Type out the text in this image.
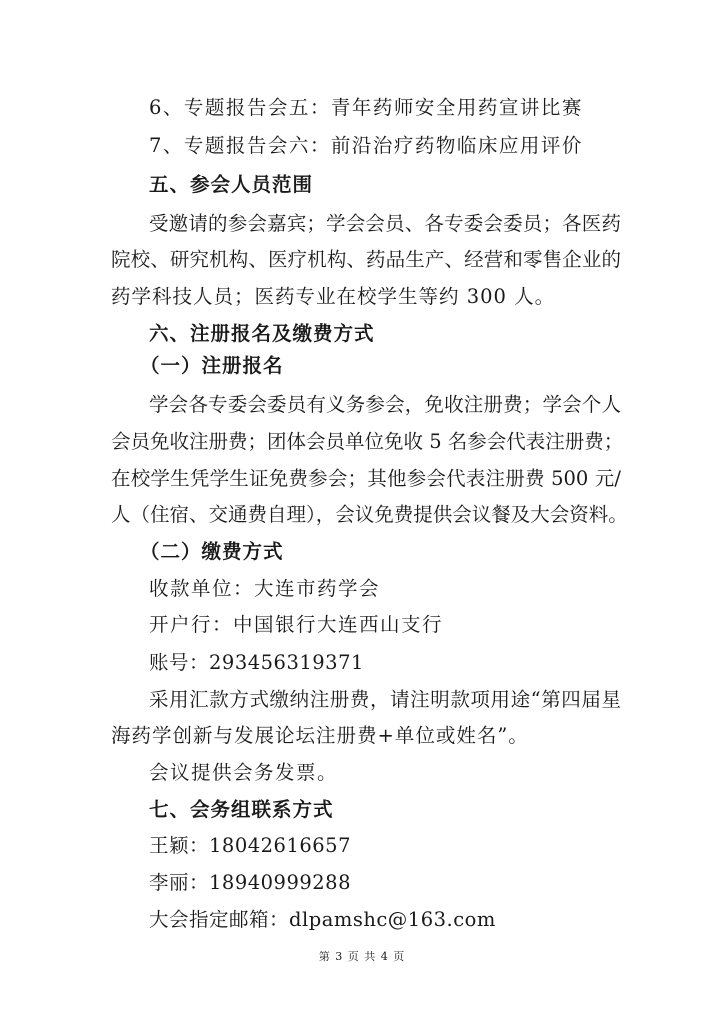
6、专题报告会五：青年药师安全用药宣讲比赛
7、专题报告会六：前沿治疗药物临床应用评价
五、参会人员范围
受邀请的参会嘉宾；学会会员、各专委会委员；各医药
院校、研究机构、医疗机构、药品生产、经营和零售企业的
药学科技人员；医药专业在校学生等约 300 人。
六、注册报名及缴费方式
（一）注册报名
学会各专委会委员有义务参会，免收注册费；学会个人
会员免收注册费；团体会员单位免收 5 名参会代表注册费；
在校学生凭学生证免费参会；其他参会代表注册费 500 元/
人（住宿、交通费自理），会议免费提供会议餐及大会资料。
（二）缴费方式
收款单位：大连市药学会
开户行：中国银行大连西山支行
账号：293456319371
采用汇款方式缴纳注册费，请注明款项用途“第四届星
海药学创新与发展论坛注册费+单位或姓名”。
会议提供会务发票。
七、会务组联系方式
王颖：18042616657
李丽：18940999288
大会指定邮箱：dlpamshc@163.com
第 3 页 共 4 页
